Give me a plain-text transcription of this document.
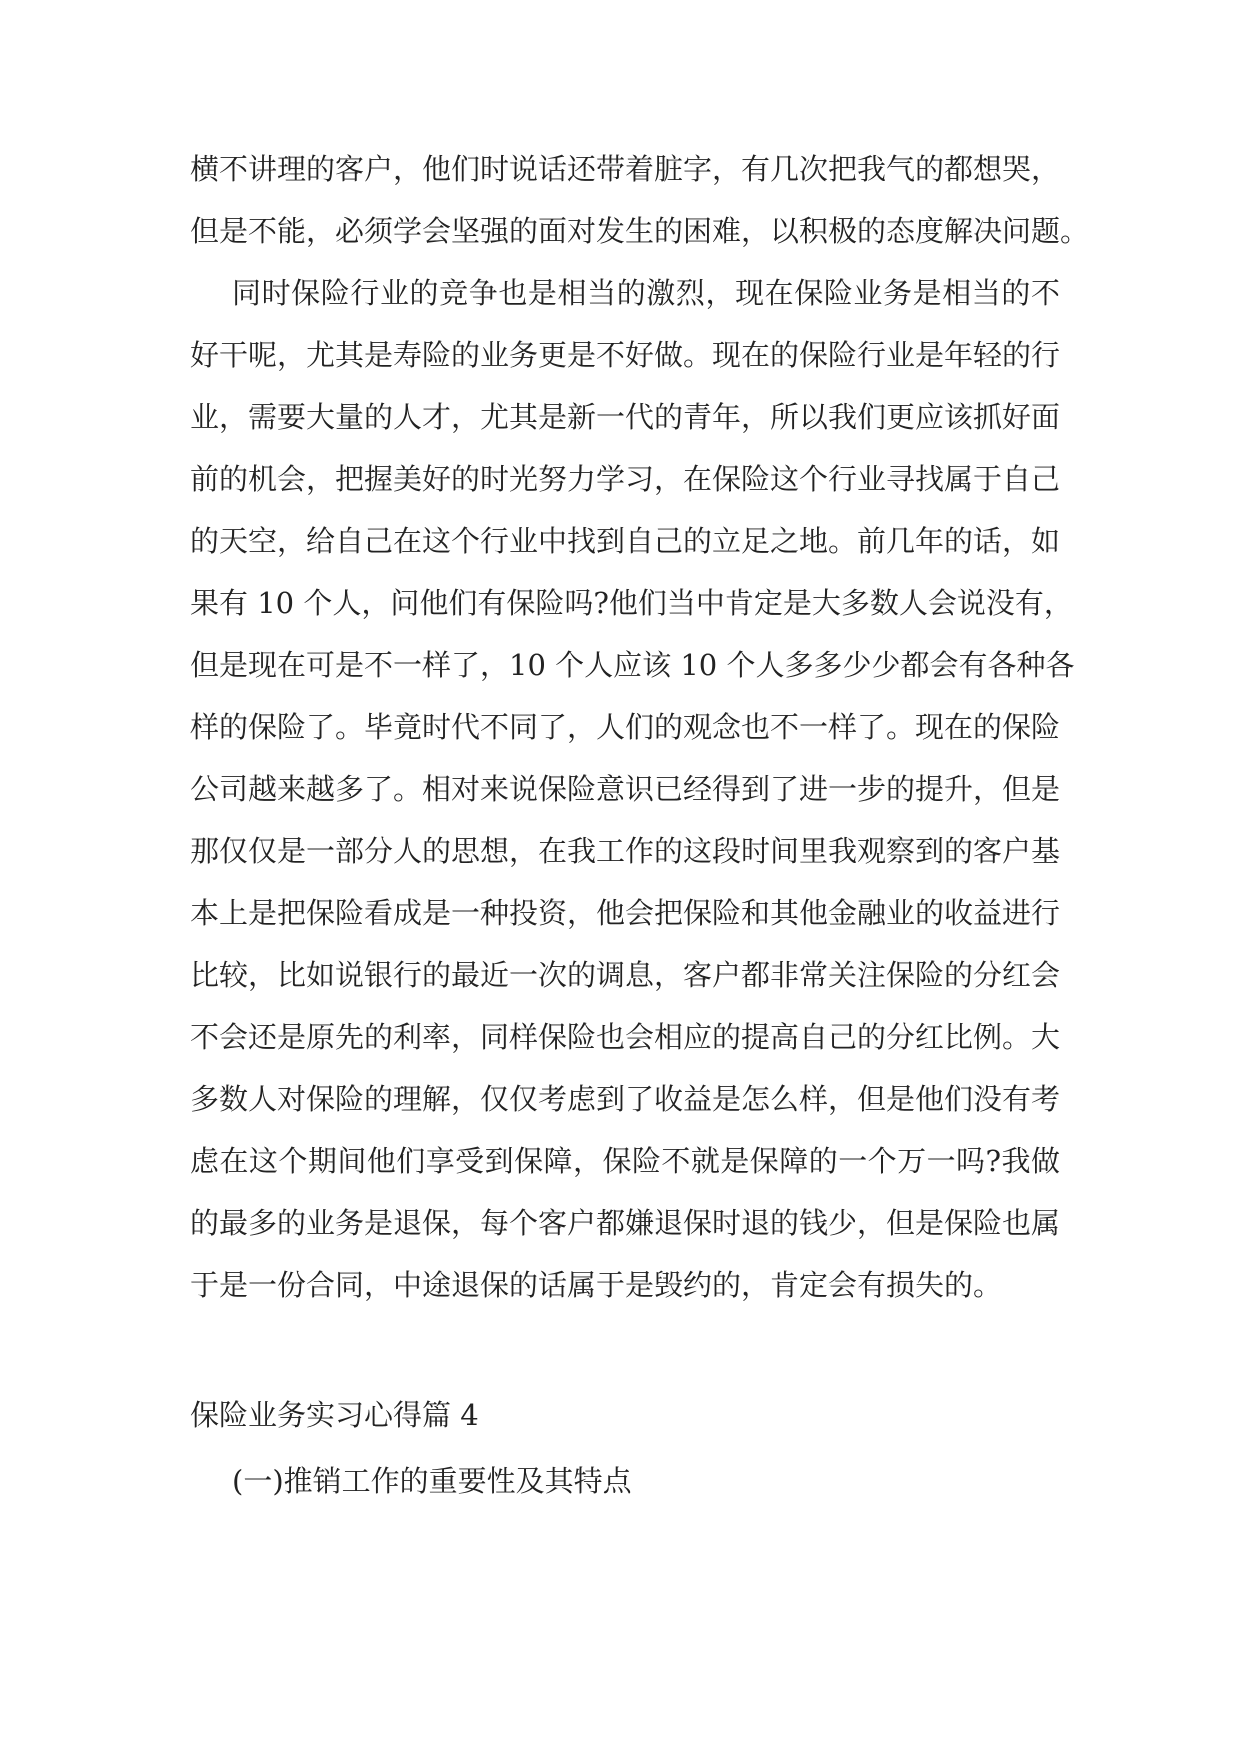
横不讲理的客户，他们时说话还带着脏字，有几次把我气的都想哭，
但是不能，必须学会坚强的面对发生的困难，以积极的态度解决问题。
同时保险行业的竞争也是相当的激烈，现在保险业务是相当的不
好干呢，尤其是寿险的业务更是不好做。现在的保险行业是年轻的行
业，需要大量的人才，尤其是新一代的青年，所以我们更应该抓好面
前的机会，把握美好的时光努力学习，在保险这个行业寻找属于自己
的天空，给自己在这个行业中找到自己的立足之地。前几年的话，如
果有 10 个人，问他们有保险吗?他们当中肯定是大多数人会说没有，
但是现在可是不一样了，10 个人应该 10 个人多多少少都会有各种各
样的保险了。毕竟时代不同了，人们的观念也不一样了。现在的保险
公司越来越多了。相对来说保险意识已经得到了进一步的提升，但是
那仅仅是一部分人的思想，在我工作的这段时间里我观察到的客户基
本上是把保险看成是一种投资，他会把保险和其他金融业的收益进行
比较，比如说银行的最近一次的调息，客户都非常关注保险的分红会
不会还是原先的利率，同样保险也会相应的提高自己的分红比例。大
多数人对保险的理解，仅仅考虑到了收益是怎么样，但是他们没有考
虑在这个期间他们享受到保障，保险不就是保障的一个万一吗?我做
的最多的业务是退保，每个客户都嫌退保时退的钱少，但是保险也属
于是一份合同，中途退保的话属于是毁约的，肯定会有损失的。
保险业务实习心得篇 4
(一)推销工作的重要性及其特点
